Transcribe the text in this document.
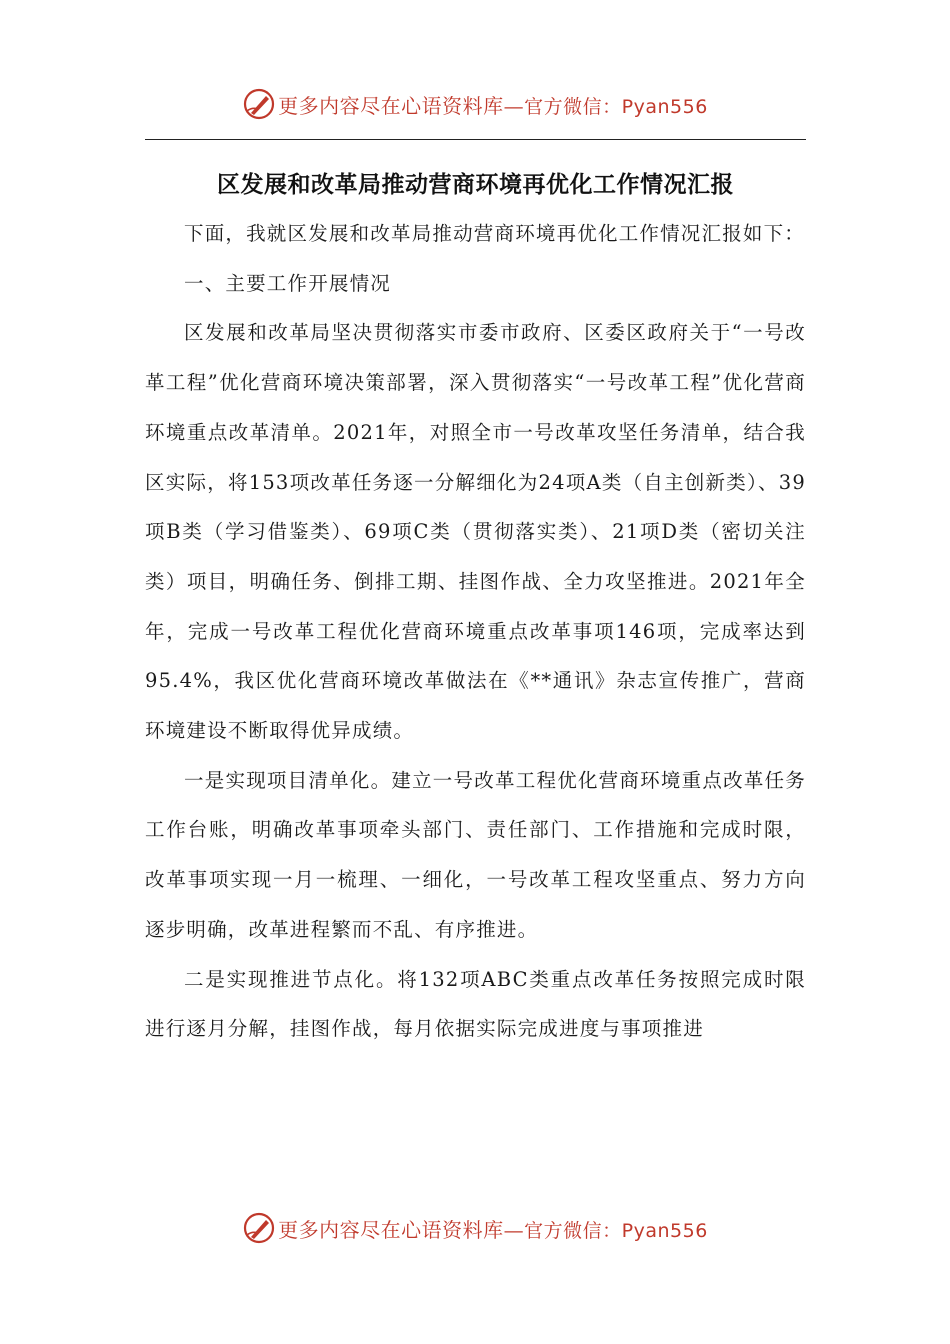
更多内容尽在心语资料库—官方微信：Pyan556
区发展和改革局推动营商环境再优化工作情况汇报

下面，我就区发展和改革局推动营商环境再优化工作情况汇报如下：

一、主要工作开展情况

区发展和改革局坚决贯彻落实市委市政府、区委区政府关于“一号改革工程”优化营商环境决策部署，深入贯彻落实“一号改革工程”优化营商环境重点改革清单。2021年，对照全市一号改革攻坚任务清单，结合我区实际，将153项改革任务逐一分解细化为24项A类（自主创新类）、39项B类（学习借鉴类）、69项C类（贯彻落实类）、21项D类（密切关注类）项目，明确任务、倒排工期、挂图作战、全力攻坚推进。2021年全年，完成一号改革工程优化营商环境重点改革事项146项，完成率达到95.4%，我区优化营商环境改革做法在《**通讯》杂志宣传推广，营商环境建设不断取得优异成绩。

一是实现项目清单化。建立一号改革工程优化营商环境重点改革任务工作台账，明确改革事项牵头部门、责任部门、工作措施和完成时限，改革事项实现一月一梳理、一细化，一号改革工程攻坚重点、努力方向逐步明确，改革进程繁而不乱、有序推进。

二是实现推进节点化。将132项ABC类重点改革任务按照完成时限进行逐月分解，挂图作战，每月依据实际完成进度与事项推进

更多内容尽在心语资料库—官方微信：Pyan556
